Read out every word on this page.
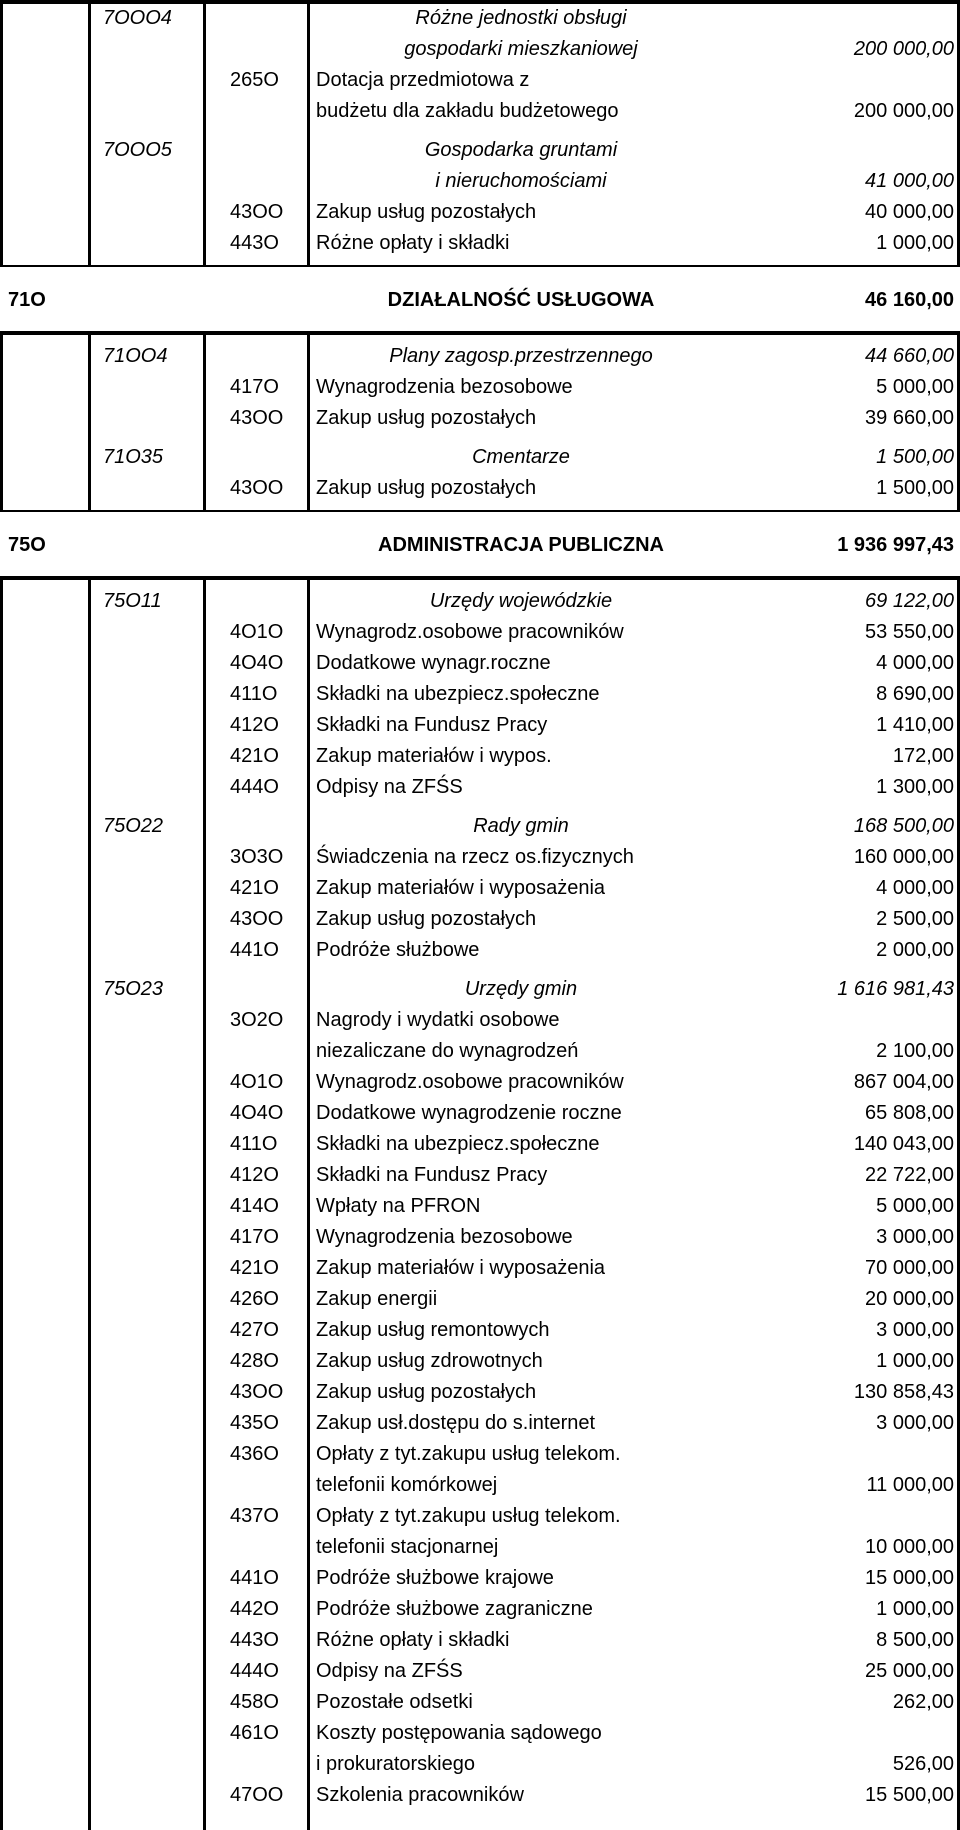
7OOO4	Różne jednostki obsługi
gospodarki mieszkaniowej	200 000,00
265O Dotacja przedmiotowa z
budżetu dla zakładu budżetowego	200 000,00
7OOO5	Gospodarka gruntami
i nieruchomościami	41 000,00
43OO Zakup usług pozostałych	40 000,00
443O Różne opłaty i składki	1 000,00
71O	DZIAŁALNOŚĆ USŁUGOWA	46 160,00
71OO4	Plany zagosp.przestrzennego	44 660,00
417O Wynagrodzenia bezosobowe	5 000,00
43OO Zakup usług pozostałych	39 660,00
71O35	Cmentarze	1 500,00
43OO Zakup usług pozostałych	1 500,00
75O	ADMINISTRACJA PUBLICZNA	1 936 997,43
75O11	Urzędy wojewódzkie	69 122,00
4O1O Wynagrodz.osobowe pracowników	53 550,00
4O4O Dodatkowe wynagr.roczne	4 000,00
411O Składki na ubezpiecz.społeczne	8 690,00
412O Składki na Fundusz Pracy	1 410,00
421O Zakup materiałów i wypos.	172,00
444O Odpisy na ZFŚS	1 300,00
75O22	Rady gmin	168 500,00
3O3O Świadczenia na rzecz os.fizycznych	160 000,00
421O Zakup materiałów i wyposażenia	4 000,00
43OO Zakup usług pozostałych	2 500,00
441O Podróże służbowe	2 000,00
75O23	Urzędy gmin	1 616 981,43
3O2O Nagrody i wydatki osobowe
niezaliczane do wynagrodzeń	2 100,00
4O1O Wynagrodz.osobowe pracowników	867 004,00
4O4O Dodatkowe wynagrodzenie roczne	65 808,00
411O Składki na ubezpiecz.społeczne	140 043,00
412O Składki na Fundusz Pracy	22 722,00
414O Wpłaty na PFRON	5 000,00
417O Wynagrodzenia bezosobowe	3 000,00
421O Zakup materiałów i wyposażenia	70 000,00
426O Zakup energii	20 000,00
427O Zakup usług remontowych	3 000,00
428O Zakup usług zdrowotnych	1 000,00
43OO Zakup usług pozostałych	130 858,43
435O Zakup usł.dostępu do s.internet	3 000,00
436O Opłaty z tyt.zakupu usług telekom.
telefonii komórkowej	11 000,00
437O Opłaty z tyt.zakupu usług telekom.
telefonii stacjonarnej	10 000,00
441O Podróże służbowe krajowe	15 000,00
442O Podróże służbowe zagraniczne	1 000,00
443O Różne opłaty i składki	8 500,00
444O Odpisy na ZFŚS	25 000,00
458O Pozostałe odsetki	262,00
461O Koszty postępowania sądowego
i prokuratorskiego	526,00
47OO Szkolenia pracowników	15 500,00
